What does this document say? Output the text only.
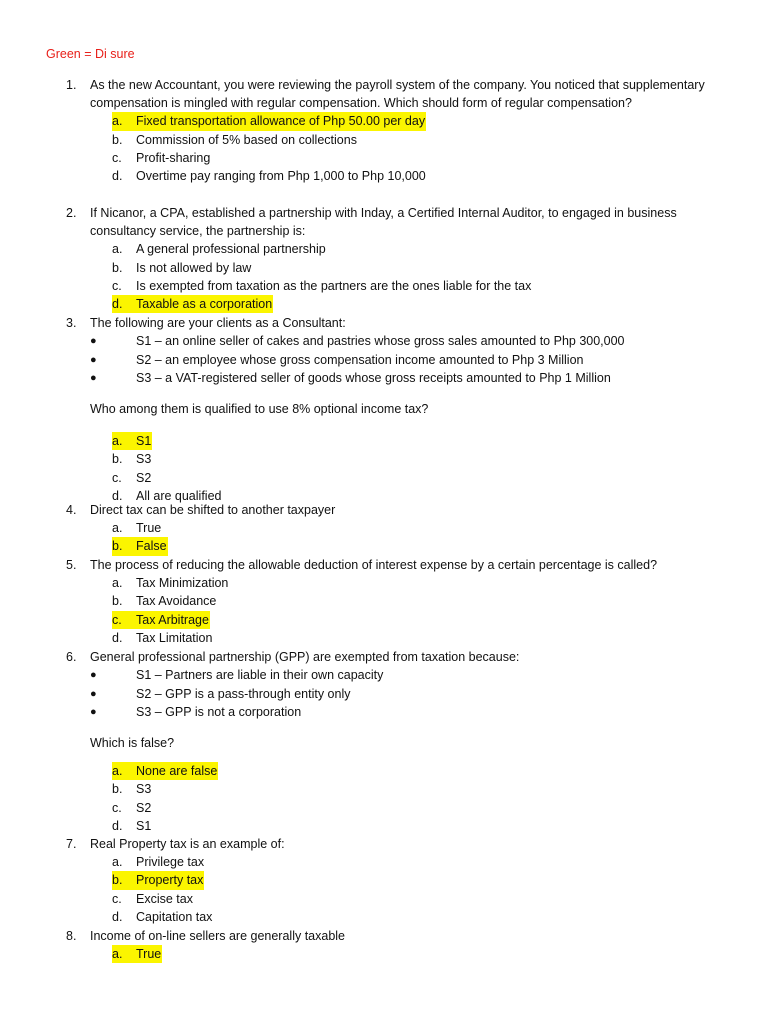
Green = Di sure
1. As the new Accountant, you were reviewing the payroll system of the company. You noticed that supplementary compensation is mingled with regular compensation. Which should form of regular compensation?
a.	Fixed transportation allowance of Php 50.00 per day
b. Commission of 5% based on collections
c. Profit-sharing
d. Overtime pay ranging from Php 1,000 to Php 10,000
2. If Nicanor, a CPA, established a partnership with Inday, a Certified Internal Auditor, to engaged in business consultancy service, the partnership is:
a. A general professional partnership
b. Is not allowed by law
c. Is exempted from taxation as the partners are the ones liable for the tax
d.	Taxable as a corporation
3. The following are your clients as a Consultant:
●	S1 – an online seller of cakes and pastries whose gross sales amounted to Php 300,000
●	S2 – an employee whose gross compensation income amounted to Php 3 Million
●	S3 – a VAT-registered seller of goods whose gross receipts amounted to Php 1 Million
Who among them is qualified to use 8% optional income tax?
a.	S1
b. S3
c. S2
d. All are qualified
4. Direct tax can be shifted to another taxpayer
a. True
b.	False
5. The process of reducing the allowable deduction of interest expense by a certain percentage is called?
a. Tax Minimization
b. Tax Avoidance
c.	Tax Arbitrage
d. Tax Limitation
6. General professional partnership (GPP) are exempted from taxation because:
●	S1 – Partners are liable in their own capacity
●	S2 – GPP is a pass-through entity only
●	S3 – GPP is not a corporation
Which is false?
a.	None are false
b. S3
c. S2
d. S1
7. Real Property tax is an example of:
a. Privilege tax
b.	Property tax
c. Excise tax
d. Capitation tax
8. Income of on-line sellers are generally taxable
a.	True
